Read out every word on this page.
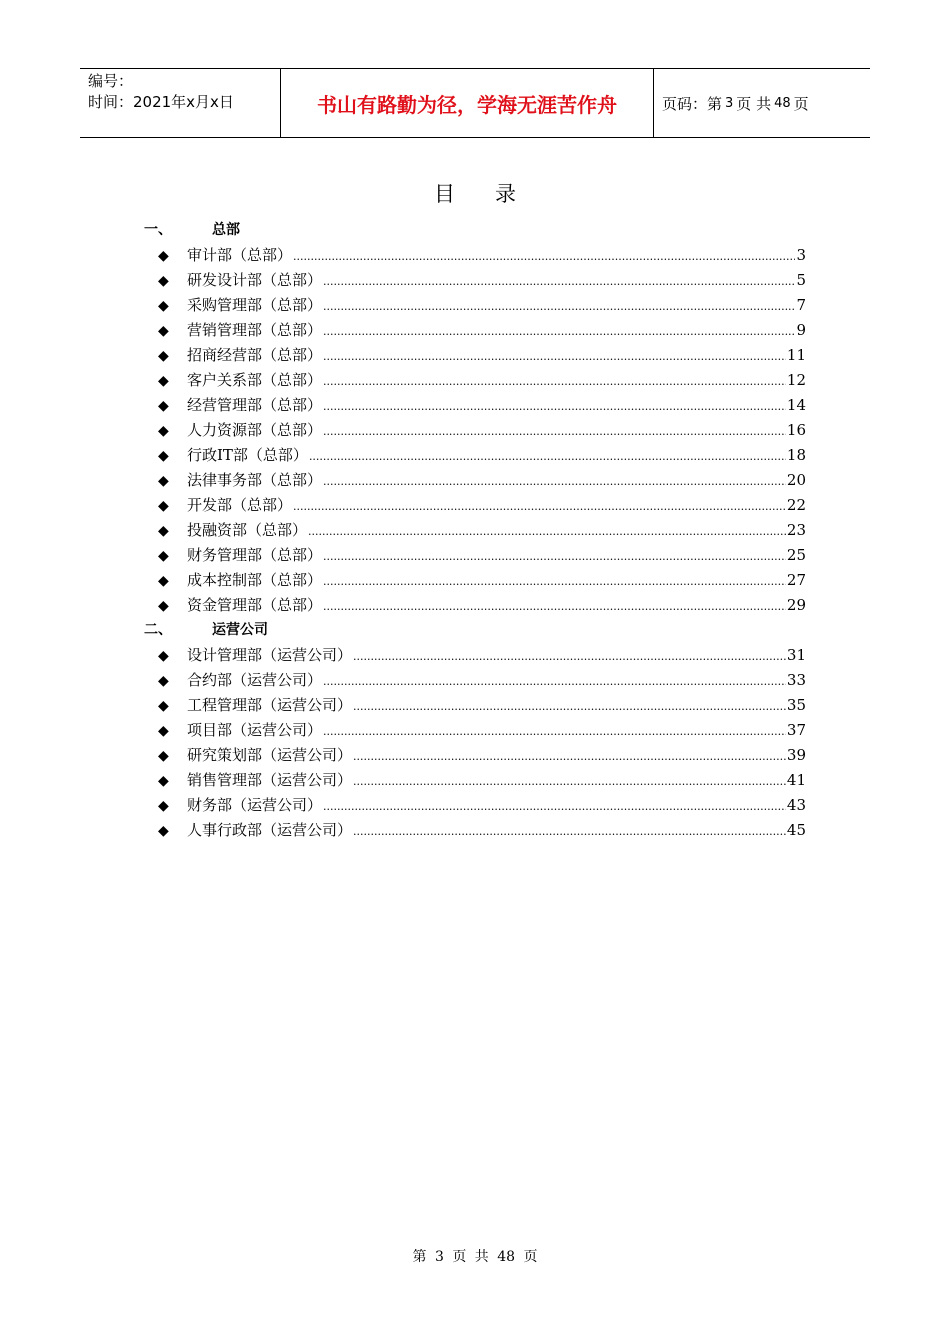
编号：
时间：2021年x月x日	书山有路勤为径，学海无涯苦作舟	页码：第 3 页 共 48 页
目录
一、	总部
◆	审计部（总部） .....	3
◆	研发设计部（总部） .....	5
◆	采购管理部（总部） .....	7
◆	营销管理部（总部） .....	9
◆	招商经营部（总部） .....	11
◆	客户关系部（总部） .....	12
◆	经营管理部（总部） .....	14
◆	人力资源部（总部） .....	16
◆	行政IT部（总部） .....	18
◆	法律事务部（总部） .....	20
◆	开发部（总部） .....	22
◆	投融资部（总部） .....	23
◆	财务管理部（总部） .....	25
◆	成本控制部（总部） .....	27
◆	资金管理部（总部） .....	29
二、	运营公司
◆	设计管理部（运营公司） .....	31
◆	合约部（运营公司） .....	33
◆	工程管理部（运营公司） .....	35
◆	项目部（运营公司） .....	37
◆	研究策划部（运营公司） .....	39
◆	销售管理部（运营公司） .....	41
◆	财务部（运营公司） .....	43
◆	人事行政部（运营公司） .....	45
第 3 页 共 48 页
